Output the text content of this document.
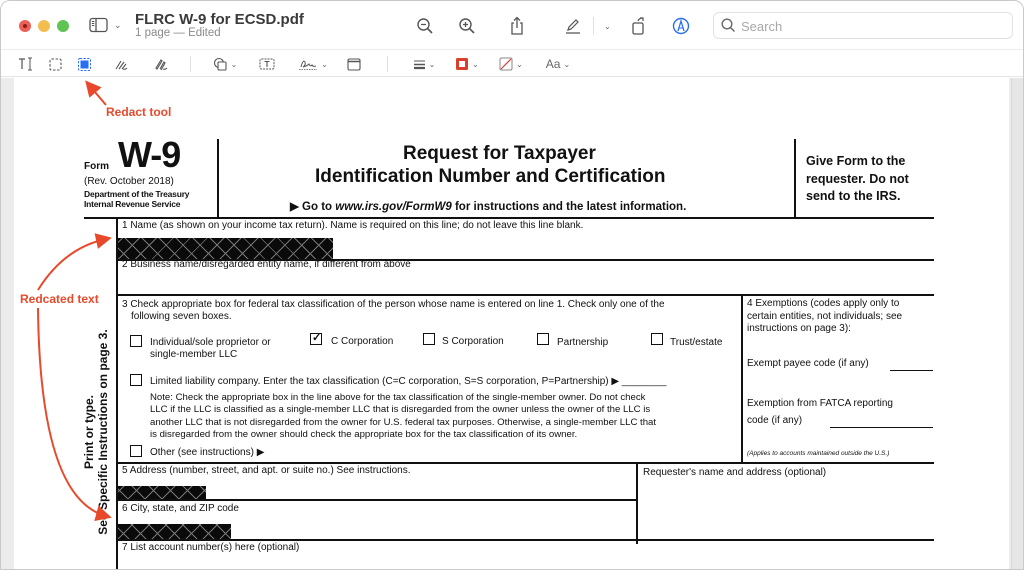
⌄ FLRC W-9 for ECSD.pdf
1 page — Edited
⌄
Search
⌄	⌄	⌄	⌄	⌄ Aa ⌄
Form W-9
(Rev. October 2018)
Department of the Treasury
Internal Revenue Service
Request for Taxpayer
Identification Number and Certification
▶ Go to www.irs.gov/FormW9 for instructions and the latest information.
Give Form to the
requester. Do not
send to the IRS.
Print or type. See Specific Instructions on page 3.
1 Name (as shown on your income tax return). Name is required on this line; do not leave this line blank.
2 Business name/disregarded entity name, if different from above
3 Check appropriate box for federal tax classification of the person whose name is entered on line 1. Check only one of the
following seven boxes.
Individual/sole proprietor or
single-member LLC
✓
C Corporation	S Corporation	Partnership	Trust/estate
Limited liability company. Enter the tax classification (C=C corporation, S=S corporation, P=Partnership) ▶ ________
Note: Check the appropriate box in the line above for the tax classification of the single-member owner. Do not check
LLC if the LLC is classified as a single-member LLC that is disregarded from the owner unless the owner of the LLC is
another LLC that is not disregarded from the owner for U.S. federal tax purposes. Otherwise, a single-member LLC that
is disregarded from the owner should check the appropriate box for the tax classification of its owner.
Other (see instructions) ▶
4 Exemptions (codes apply only to
certain entities, not individuals; see
instructions on page 3):
Exempt payee code (if any)
Exemption from FATCA reporting
code (if any)
(Applies to accounts maintained outside the U.S.)
5 Address (number, street, and apt. or suite no.) See instructions.	Requester's name and address (optional)
6 City, state, and ZIP code
7 List account number(s) here (optional)
Redact tool
Redcated text
